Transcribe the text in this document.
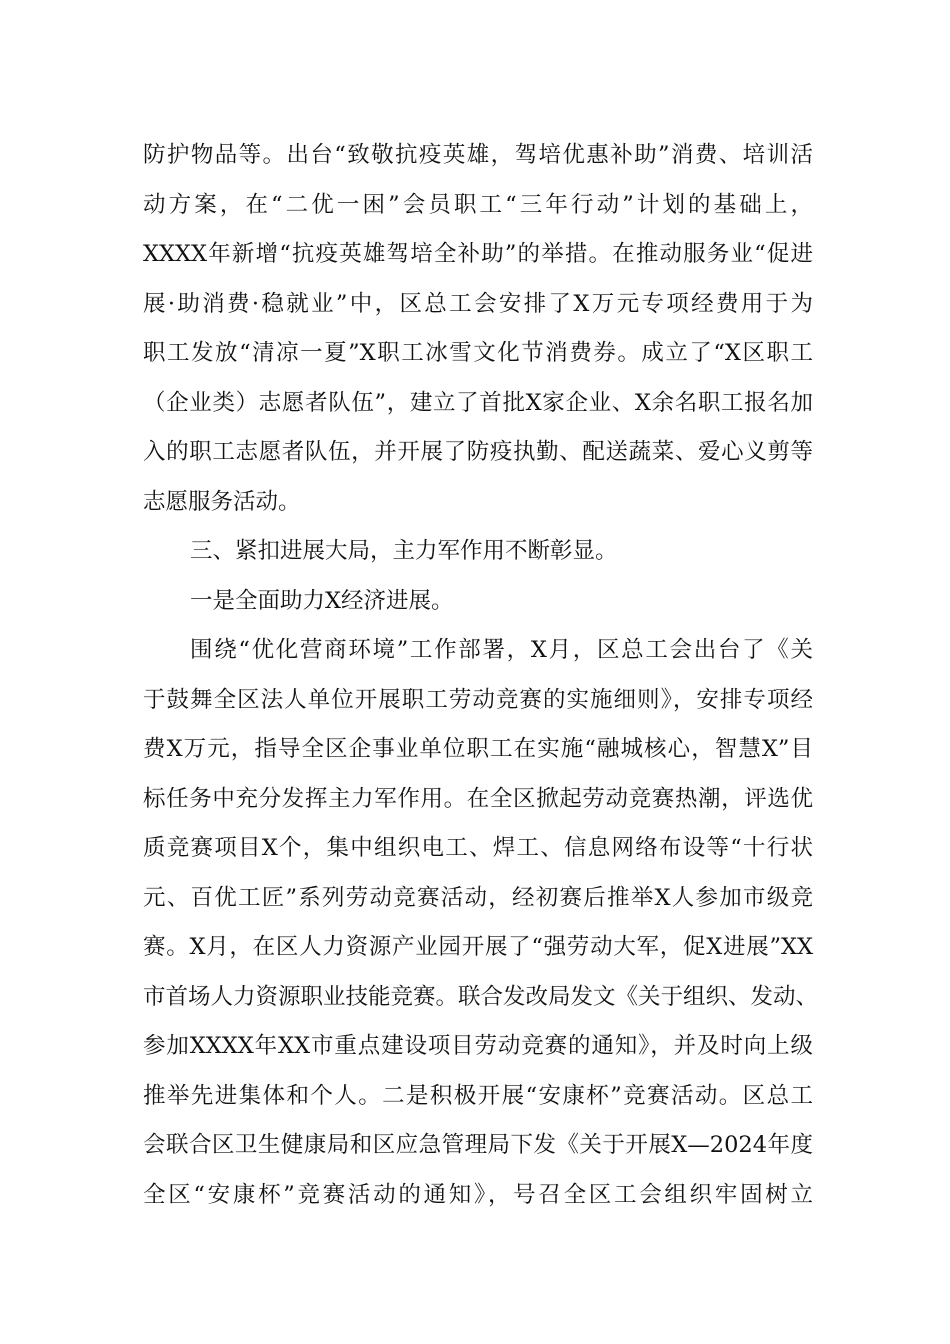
防护物品等。出台“致敬抗疫英雄，驾培优惠补助”消费、培训活
动方案，在“二优一困”会员职工“三年行动”计划的基础上，
XXXX年新增“抗疫英雄驾培全补助”的举措。在推动服务业“促进
展·助消费·稳就业”中，区总工会安排了X万元专项经费用于为
职工发放“清凉一夏”X职工冰雪文化节消费券。成立了“X区职工
（企业类）志愿者队伍”，建立了首批X家企业、X余名职工报名加
入的职工志愿者队伍，并开展了防疫执勤、配送蔬菜、爱心义剪等
志愿服务活动。
三、紧扣进展大局，主力军作用不断彰显。
一是全面助力X经济进展。
围绕“优化营商环境”工作部署，X月，区总工会出台了《关
于鼓舞全区法人单位开展职工劳动竞赛的实施细则》，安排专项经
费X万元，指导全区企事业单位职工在实施“融城核心，智慧X”目
标任务中充分发挥主力军作用。在全区掀起劳动竞赛热潮，评选优
质竞赛项目X个，集中组织电工、焊工、信息网络布设等“十行状
元、百优工匠”系列劳动竞赛活动，经初赛后推举X人参加市级竞
赛。X月，在区人力资源产业园开展了“强劳动大军，促X进展”XX
市首场人力资源职业技能竞赛。联合发改局发文《关于组织、发动、
参加XXXX年XX市重点建设项目劳动竞赛的通知》，并及时向上级
推举先进集体和个人。二是积极开展“安康杯”竞赛活动。区总工
会联合区卫生健康局和区应急管理局下发《关于开展X—2024年度
全区“安康杯”竞赛活动的通知》，号召全区工会组织牢固树立
